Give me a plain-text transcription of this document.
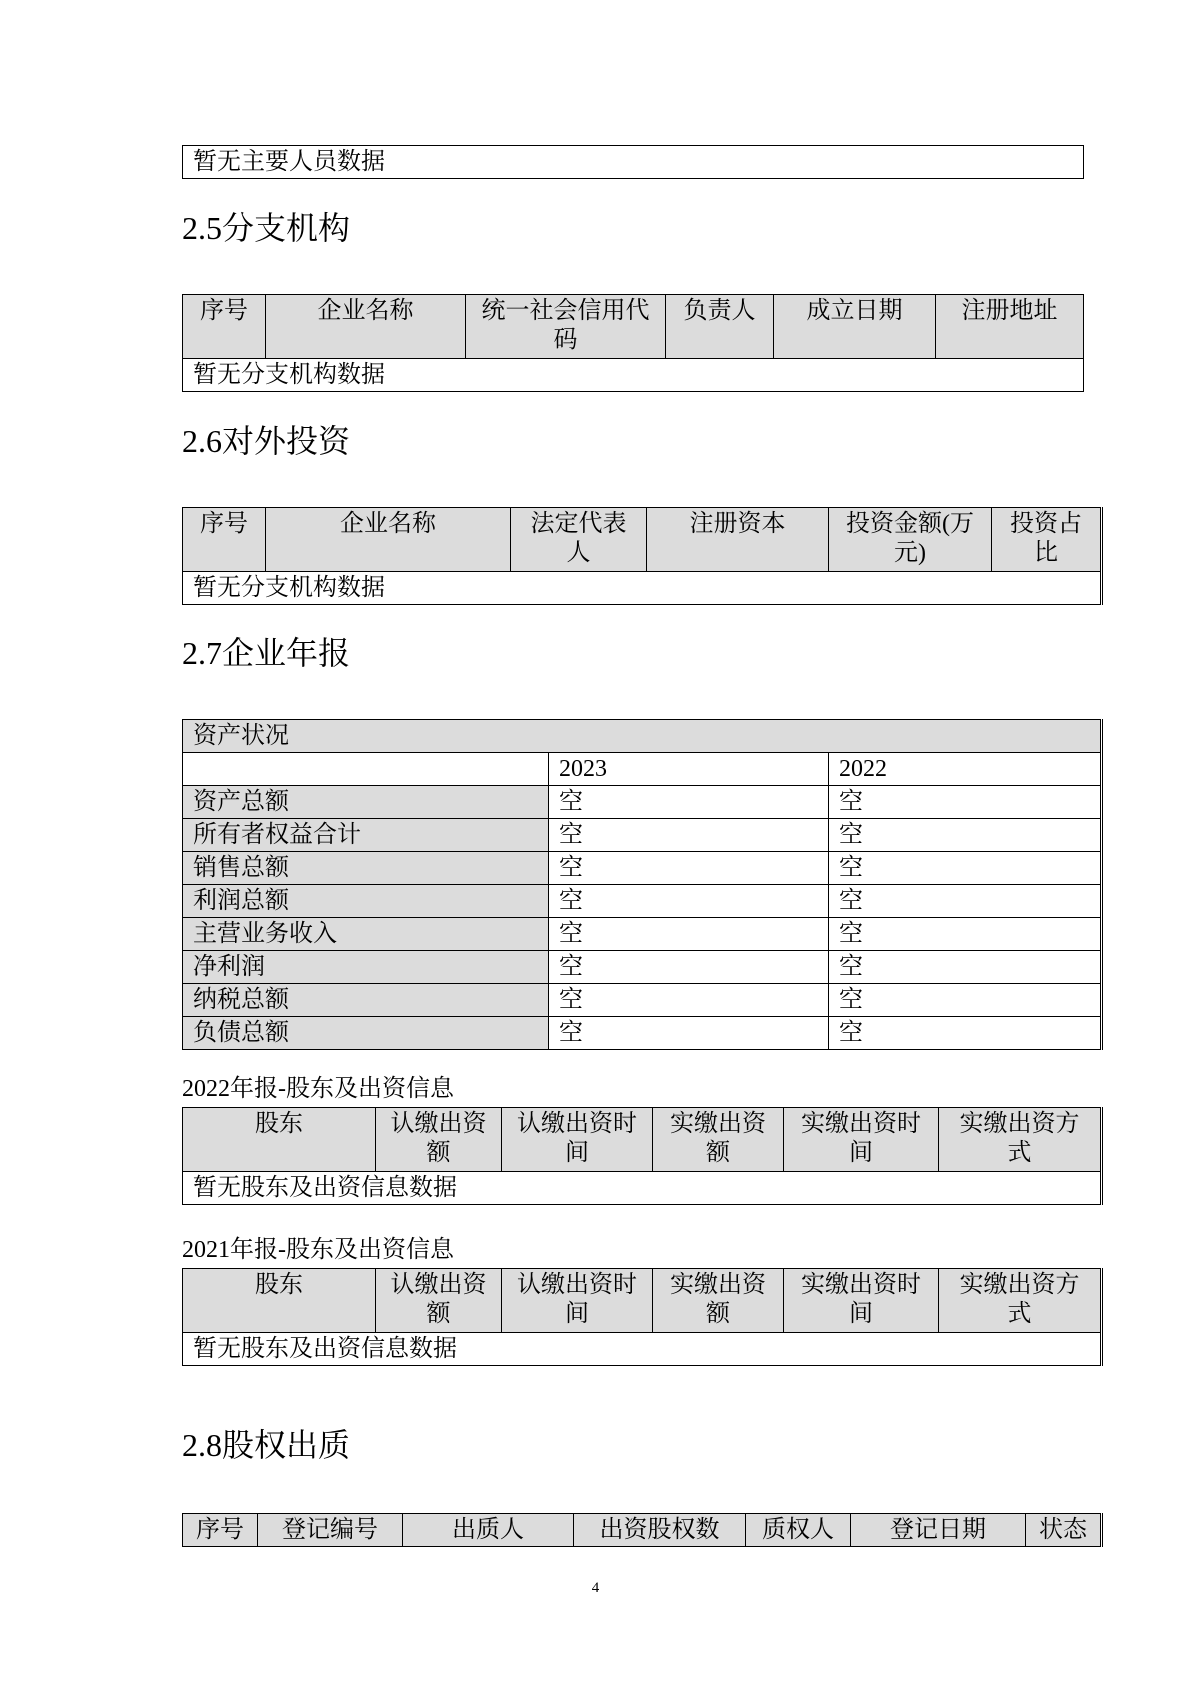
暂无主要人员数据
2.5分支机构
序号	企业名称	统一社会信用代码	负责人	成立日期	注册地址
暂无分支机构数据
2.6对外投资
序号	企业名称	法定代表人	注册资本	投资金额(万元)	投资占比
暂无分支机构数据
2.7企业年报
资产状况		
	2023	2022
资产总额	空	空
所有者权益合计	空	空
销售总额	空	空
利润总额	空	空
主营业务收入	空	空
净利润	空	空
纳税总额	空	空
负债总额	空	空
2022年报-股东及出资信息
股东	认缴出资额	认缴出资时间	实缴出资额	实缴出资时间	实缴出资方式
暂无股东及出资信息数据
2021年报-股东及出资信息
股东	认缴出资额	认缴出资时间	实缴出资额	实缴出资时间	实缴出资方式
暂无股东及出资信息数据
2.8股权出质
序号	登记编号	出质人	出资股权数	质权人	登记日期	状态
4
